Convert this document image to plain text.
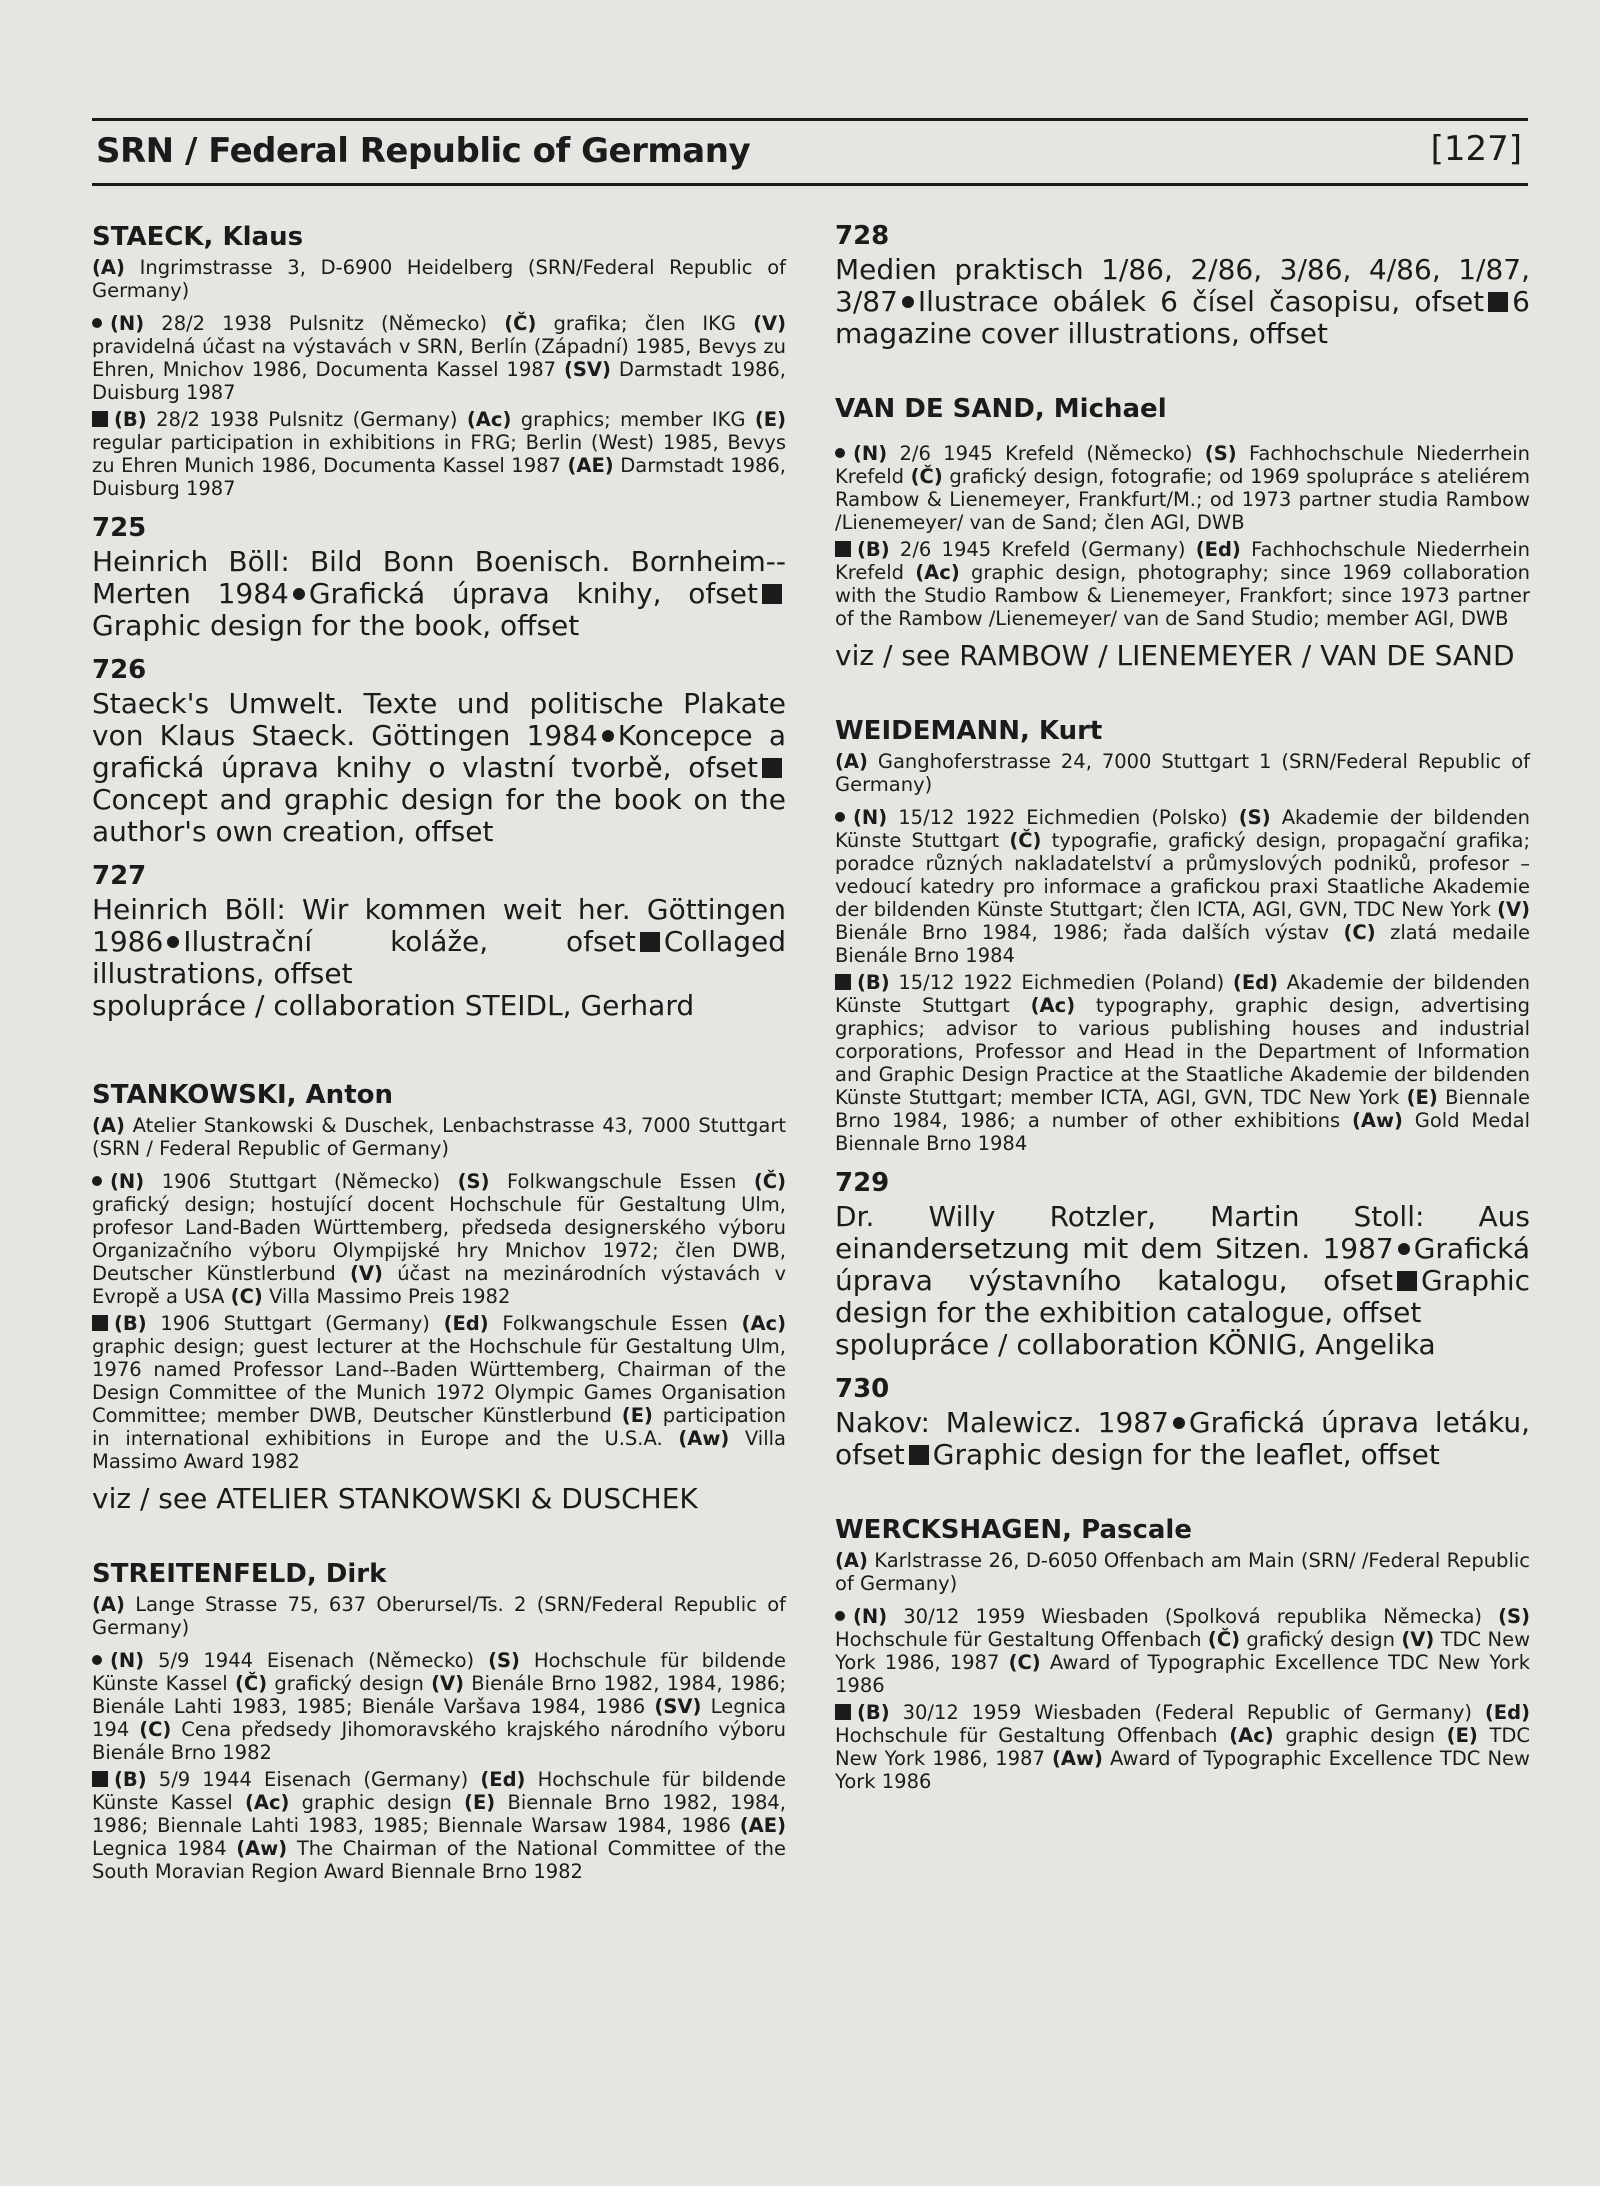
SRN / Federal Republic of Germany	[127]
STAECK, Klaus
(A) Ingrimstrasse 3, D-6900 Heidelberg (SRN/Federal Republic of Germany)
(N) 28/2 1938 Pulsnitz (Německo) (Č) grafika; člen IKG (V) pravidelná účast na výstavách v SRN, Berlín (Západní) 1985, Bevys zu Ehren, Mnichov 1986, Documenta Kassel 1987 (SV) Darmstadt 1986, Duisburg 1987
(B) 28/2 1938 Pulsnitz (Germany) (Ac) graphics; member IKG (E) regular participation in exhibitions in FRG; Berlin (West) 1985, Bevys zu Ehren Munich 1986, Documenta Kassel 1987 (AE) Darmstadt 1986, Duisburg 1987
725
Heinrich Böll: Bild Bonn Boenisch. Bornheim--Merten 1984 Grafická úprava knihy, ofsetGraphic design for the book, offset
726
Staeck's Umwelt. Texte und politische Plakate von Klaus Staeck. Göttingen 1984 Koncepce a grafická úprava knihy o vlastní tvorbě, ofsetConcept and graphic design for the book on the author's own creation, offset
727
Heinrich Böll: Wir kommen weit her. Göttingen 1986 Ilustrační koláže, ofset Collaged illustrations, offset
spolupráce / collaboration STEIDL, Gerhard
STANKOWSKI, Anton
(A) Atelier Stankowski & Duschek, Lenbachstrasse 43, 7000 Stuttgart (SRN / Federal Republic of Germany)
(N) 1906 Stuttgart (Německo) (S) Folkwangschule Essen (Č) grafický design; hostující docent Hochschule für Gestaltung Ulm, profesor Land-Baden Württemberg, předseda designerského výboru Organizačního výboru Olympijské hry Mnichov 1972; člen DWB, Deutscher Künstlerbund (V) účast na mezinárodních výstavách v Evropě a USA (C) Villa Massimo Preis 1982
(B) 1906 Stuttgart (Germany) (Ed) Folkwangschule Essen (Ac) graphic design; guest lecturer at the Hochschule für Gestaltung Ulm, 1976 named Professor Land--Baden Württemberg, Chairman of the Design Committee of the Munich 1972 Olympic Games Organisation Committee; member DWB, Deutscher Künstlerbund (E) participation in international exhibitions in Europe and the U.S.A. (Aw) Villa Massimo Award 1982
viz / see ATELIER STANKOWSKI & DUSCHEK
STREITENFELD, Dirk
(A) Lange Strasse 75, 637 Oberursel/Ts. 2 (SRN/Federal Republic of Germany)
(N) 5/9 1944 Eisenach (Německo) (S) Hochschule für bildende Künste Kassel (Č) grafický design (V) Bienále Brno 1982, 1984, 1986; Bienále Lahti 1983, 1985; Bienále Varšava 1984, 1986 (SV) Legnica 194 (C) Cena předsedy Jihomoravského krajského národního výboru Bienále Brno 1982
(B) 5/9 1944 Eisenach (Germany) (Ed) Hochschule für bildende Künste Kassel (Ac) graphic design (E) Biennale Brno 1982, 1984, 1986; Biennale Lahti 1983, 1985; Biennale Warsaw 1984, 1986 (AE) Legnica 1984 (Aw) The Chairman of the National Committee of the South Moravian Region Award Biennale Brno 1982
728
Medien praktisch 1/86, 2/86, 3/86, 4/86, 1/87, 3/87 Ilustrace obálek 6 čísel časopisu, ofset 6 magazine cover illustrations, offset
VAN DE SAND, Michael
(N) 2/6 1945 Krefeld (Německo) (S) Fachhochschule Niederrhein Krefeld (Č) grafický design, fotografie; od 1969 spolupráce s ateliérem Rambow & Lienemeyer, Frankfurt/M.; od 1973 partner studia Rambow /Lienemeyer/ van de Sand; člen AGI, DWB
(B) 2/6 1945 Krefeld (Germany) (Ed) Fachhochschule Niederrhein Krefeld (Ac) graphic design, photography; since 1969 collaboration with the Studio Rambow & Lienemeyer, Frankfort; since 1973 partner of the Rambow /Lienemeyer/ van de Sand Studio; member AGI, DWB
viz / see RAMBOW / LIENEMEYER / VAN DE SAND
WEIDEMANN, Kurt
(A) Ganghoferstrasse 24, 7000 Stuttgart 1 (SRN/Federal Republic of Germany)
(N) 15/12 1922 Eichmedien (Polsko) (S) Akademie der bildenden Künste Stuttgart (Č) typografie, grafický design, propagační grafika; poradce různých nakladatelství a průmyslových podniků, profesor – vedoucí katedry pro informace a grafickou praxi Staatliche Akademie der bildenden Künste Stuttgart; člen ICTA, AGI, GVN, TDC New York (V) Bienále Brno 1984, 1986; řada dalších výstav (C) zlatá medaile Bienále Brno 1984
(B) 15/12 1922 Eichmedien (Poland) (Ed) Akademie der bildenden Künste Stuttgart (Ac) typography, graphic design, advertising graphics; advisor to various publishing houses and industrial corporations, Professor and Head in the Department of Information and Graphic Design Practice at the Staatliche Akademie der bildenden Künste Stuttgart; member ICTA, AGI, GVN, TDC New York (E) Biennale Brno 1984, 1986; a number of other exhibitions (Aw) Gold Medal Biennale Brno 1984
729
Dr. Willy Rotzler, Martin Stoll: Aus einandersetzung mit dem Sitzen. 1987 Grafická úprava výstavního katalogu, ofset Graphic design for the exhibition catalogue, offset
spolupráce / collaboration KÖNIG, Angelika
730
Nakov: Malewicz. 1987 Grafická úprava letáku, ofset Graphic design for the leaflet, offset
WERCKSHAGEN, Pascale
(A) Karlstrasse 26, D-6050 Offenbach am Main (SRN/ /Federal Republic of Germany)
(N) 30/12 1959 Wiesbaden (Spolková republika Německa) (S) Hochschule für Gestaltung Offenbach (Č) grafický design (V) TDC New York 1986, 1987 (C) Award of Typographic Excellence TDC New York 1986
(B) 30/12 1959 Wiesbaden (Federal Republic of Germany) (Ed) Hochschule für Gestaltung Offenbach (Ac) graphic design (E) TDC New York 1986, 1987 (Aw) Award of Typographic Excellence TDC New York 1986
